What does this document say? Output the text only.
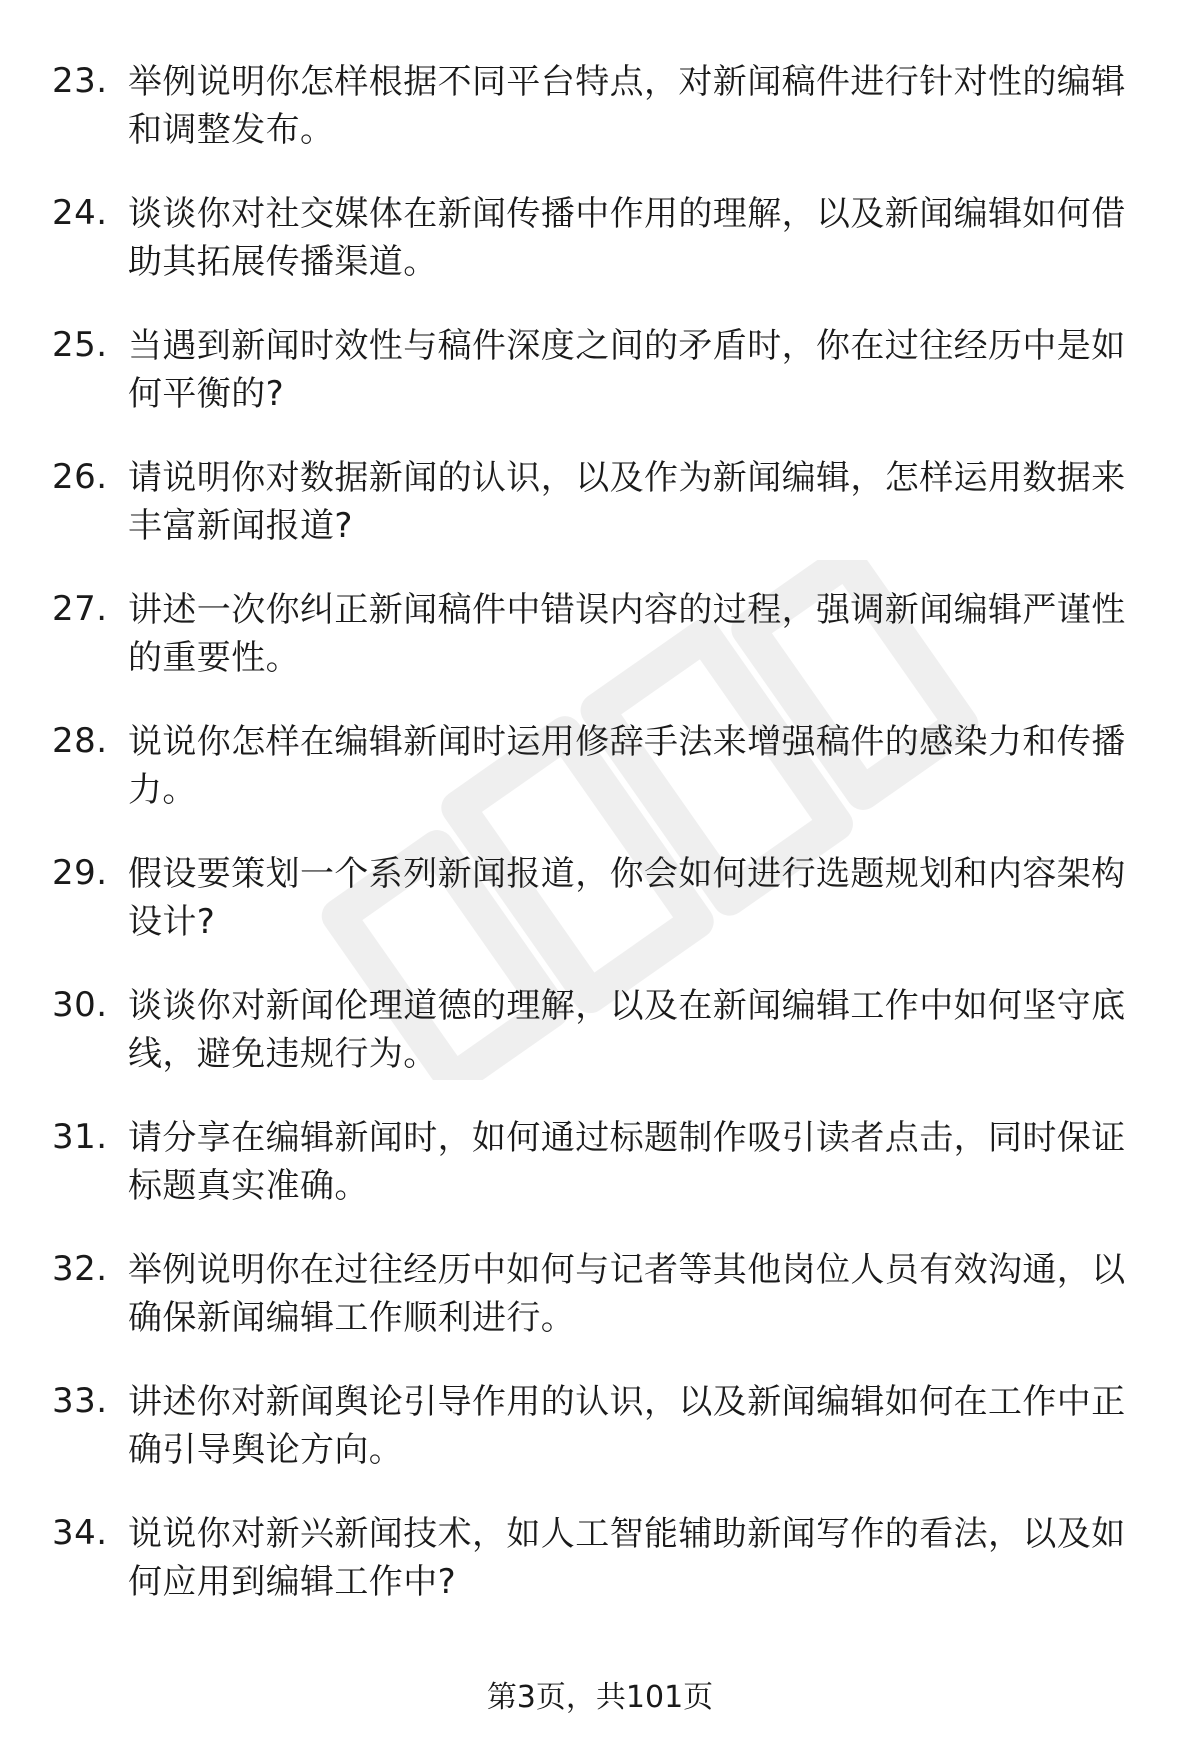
23. 举例说明你怎样根据不同平台特点，对新闻稿件进行针对性的编辑和调整发布。
24. 谈谈你对社交媒体在新闻传播中作用的理解，以及新闻编辑如何借助其拓展传播渠道。
25. 当遇到新闻时效性与稿件深度之间的矛盾时，你在过往经历中是如何平衡的?
26. 请说明你对数据新闻的认识，以及作为新闻编辑，怎样运用数据来丰富新闻报道?
27. 讲述一次你纠正新闻稿件中错误内容的过程，强调新闻编辑严谨性的重要性。
28. 说说你怎样在编辑新闻时运用修辞手法来增强稿件的感染力和传播力。
29. 假设要策划一个系列新闻报道，你会如何进行选题规划和内容架构设计?
30. 谈谈你对新闻伦理道德的理解，以及在新闻编辑工作中如何坚守底线，避免违规行为。
31. 请分享在编辑新闻时，如何通过标题制作吸引读者点击，同时保证标题真实准确。
32. 举例说明你在过往经历中如何与记者等其他岗位人员有效沟通，以确保新闻编辑工作顺利进行。
33. 讲述你对新闻舆论引导作用的认识，以及新闻编辑如何在工作中正确引导舆论方向。
34. 说说你对新兴新闻技术，如人工智能辅助新闻写作的看法，以及如何应用到编辑工作中?
第3页，共101页
